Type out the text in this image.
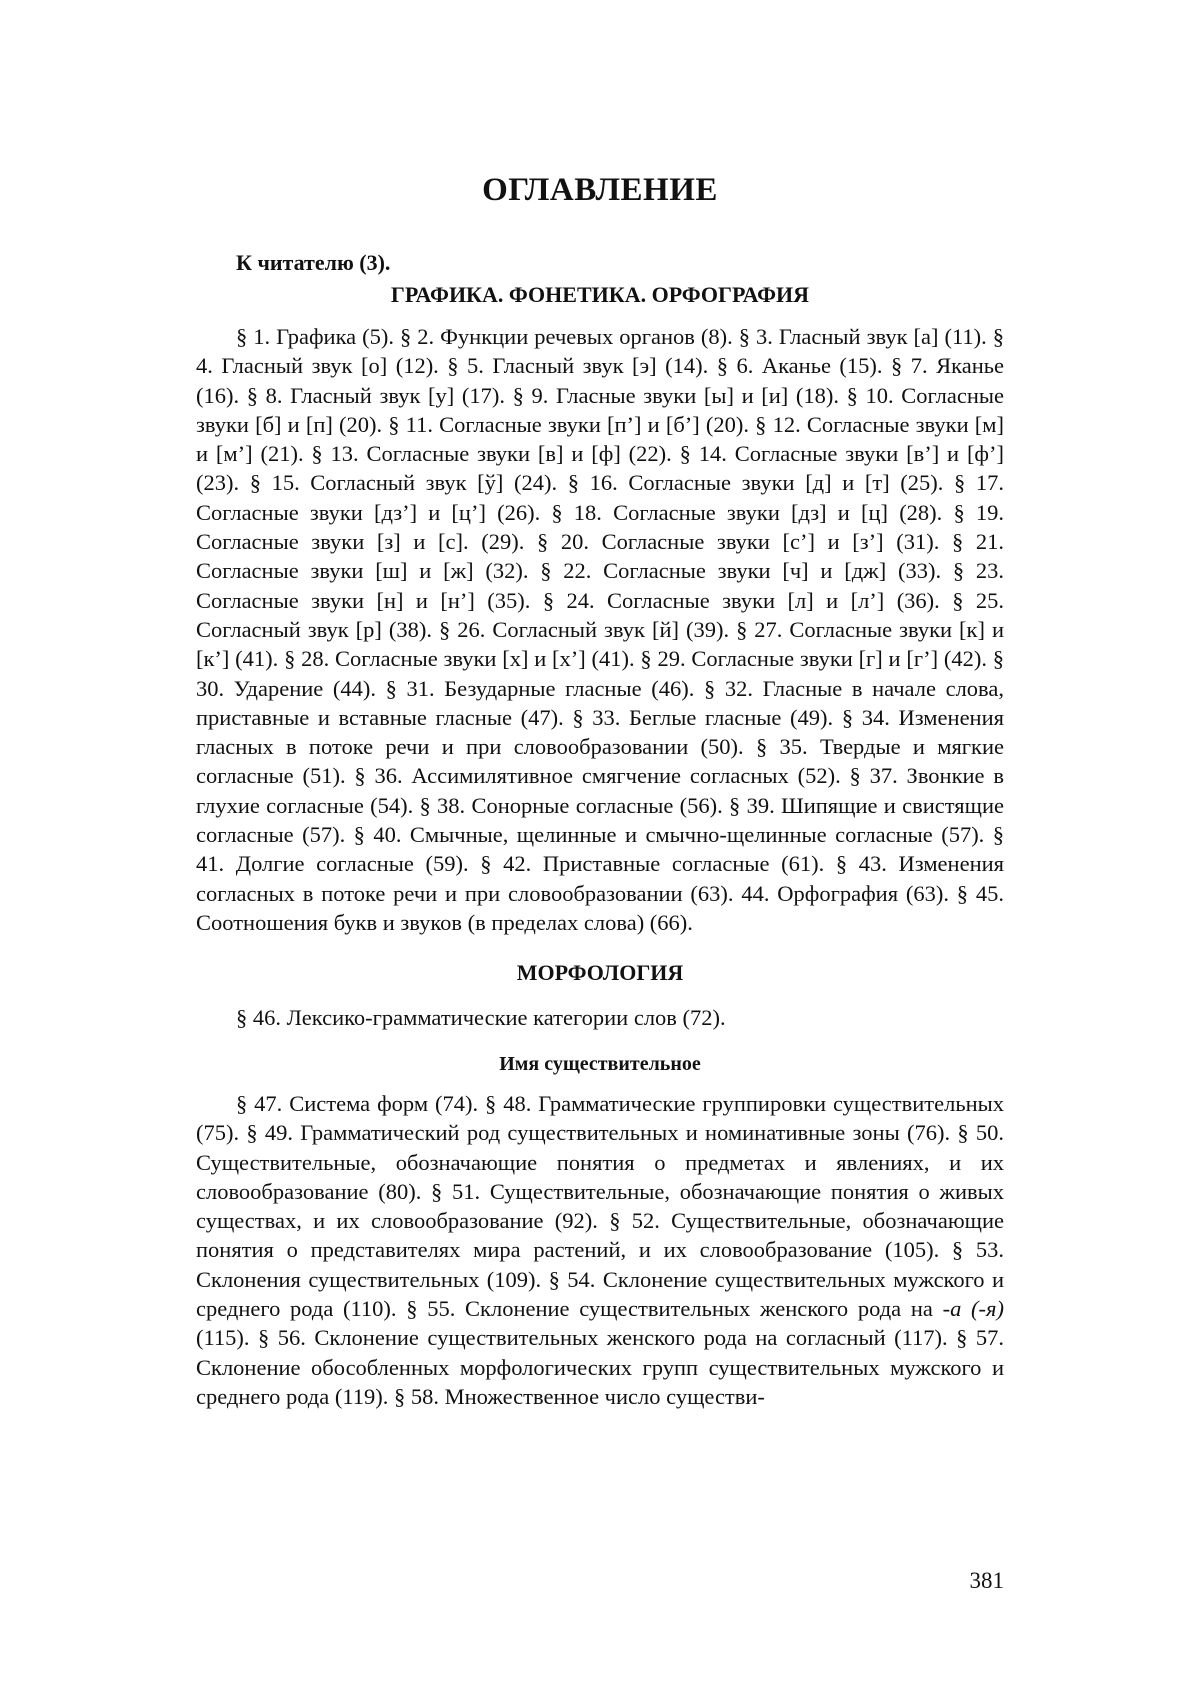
ОГЛАВЛЕНИЕ

К читателю (3).

ГРАФИКА. ФОНЕТИКА. ОРФОГРАФИЯ

§ 1. Графика (5). § 2. Функции речевых органов (8). § 3. Гласный звук [а] (11). § 4. Гласный звук [о] (12). § 5. Гласный звук [э] (14). § 6. Аканье (15). § 7. Яканье (16). § 8. Гласный звук [у] (17). § 9. Гласные звуки [ы] и [и] (18). § 10. Согласные звуки [б] и [п] (20). § 11. Согласные звуки [п’] и [б’] (20). § 12. Согласные звуки [м] и [м’] (21). § 13. Согласные звуки [в] и [ф] (22). § 14. Согласные звуки [в’] и [ф’] (23). § 15. Согласный звук [ў] (24). § 16. Согласные звуки [д] и [т] (25). § 17. Согласные звуки [дз’] и [ц’] (26). § 18. Согласные звуки [дз] и [ц] (28). § 19. Согласные звуки [з] и [с]. (29). § 20. Согласные звуки [с’] и [з’] (31). § 21. Согласные звуки [ш] и [ж] (32). § 22. Согласные звуки [ч] и [дж] (33). § 23. Согласные звуки [н] и [н’] (35). § 24. Согласные звуки [л] и [л’] (36). § 25. Согласный звук [р] (38). § 26. Согласный звук [й] (39). § 27. Согласные звуки [к] и [к’] (41). § 28. Согласные звуки [х] и [х’] (41). § 29. Согласные звуки [г] и [г’] (42). § 30. Ударение (44). § 31. Безударные гласные (46). § 32. Гласные в начале слова, приставные и вставные гласные (47). § 33. Беглые гласные (49). § 34. Изменения гласных в потоке речи и при словообразовании (50). § 35. Твердые и мягкие согласные (51). § 36. Ассимилятивное смягчение согласных (52). § 37. Звонкие в глухие согласные (54). § 38. Сонорные согласные (56). § 39. Шипящие и свистящие согласные (57). § 40. Смычные, щелинные и смычно-щелинные согласные (57). § 41. Долгие согласные (59). § 42. Приставные согласные (61). § 43. Изменения согласных в потоке речи и при словообразовании (63). 44. Орфография (63). § 45. Соотношения букв и звуков (в пределах слова) (66).

МОРФОЛОГИЯ

§ 46. Лексико-грамматические категории слов (72).

Имя существительное

§ 47. Система форм (74). § 48. Грамматические группировки существительных (75). § 49. Грамматический род существительных и номинативные зоны (76). § 50. Существительные, обозначающие понятия о предметах и явлениях, и их словообразование (80). § 51. Существительные, обозначающие понятия о живых существах, и их словообразование (92). § 52. Существительные, обозначающие понятия о представителях мира растений, и их словообразование (105). § 53. Склонения существительных (109). § 54. Склонение существительных мужского и среднего рода (110). § 55. Склонение существительных женского рода на -а (-я) (115). § 56. Склонение существительных женского рода на согласный (117). § 57. Склонение обособленных морфологических групп существительных мужского и среднего рода (119). § 58. Множественное число существи-

381
